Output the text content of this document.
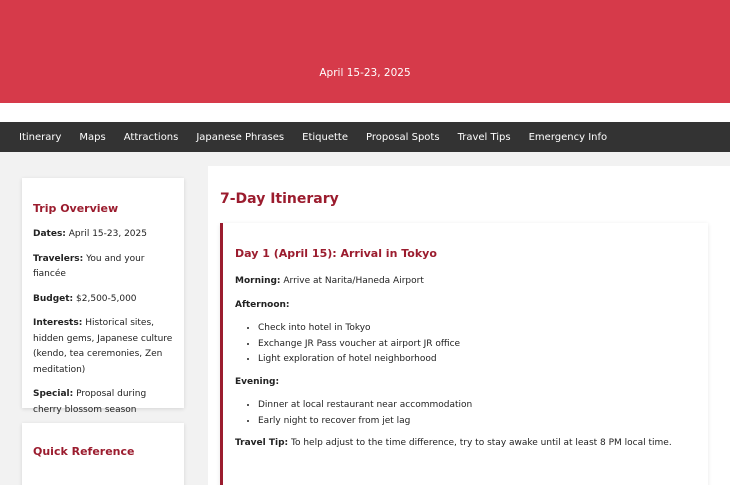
April 15-23, 2025
Itinerary Maps Attractions Japanese Phrases Etiquette Proposal Spots Travel Tips Emergency Info
Trip Overview

Dates: April 15-23, 2025

Travelers: You and your fiancée

Budget: $2,500-5,000

Interests: Historical sites, hidden gems, Japanese culture (kendo, tea ceremonies, Zen meditation)

Special: Proposal during cherry blossom season

Quick Reference
7-Day Itinerary
Day 1 (April 15): Arrival in Tokyo

Morning: Arrive at Narita/Haneda Airport

Afternoon:

• Check into hotel in Tokyo
• Exchange JR Pass voucher at airport JR office
• Light exploration of hotel neighborhood

Evening:

• Dinner at local restaurant near accommodation
• Early night to recover from jet lag

Travel Tip: To help adjust to the time difference, try to stay awake until at least 8 PM local time.
